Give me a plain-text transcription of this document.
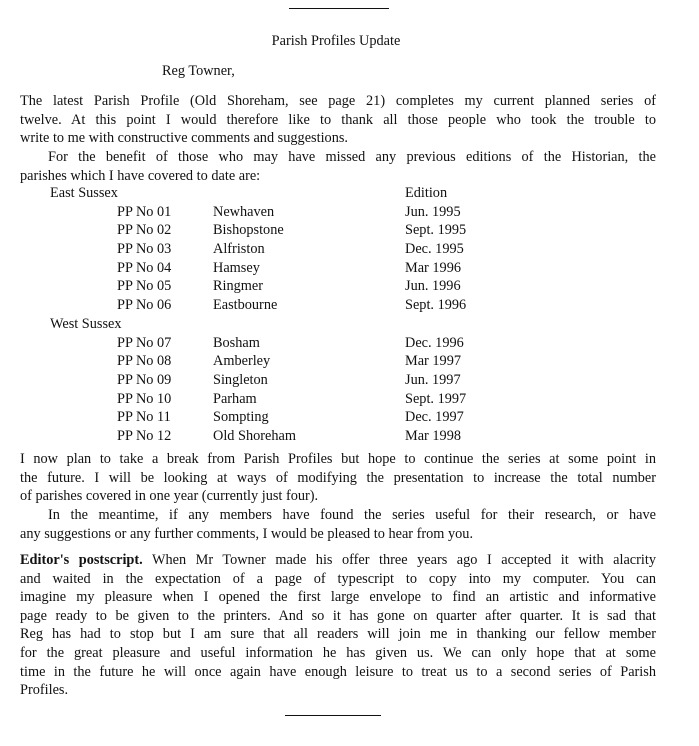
Parish Profiles Update
Reg Towner,
The latest Parish Profile (Old Shoreham, see page 21) completes my current planned series of
twelve. At this point I would therefore like to thank all those people who took the trouble to
write to me with constructive comments and suggestions.
For the benefit of those who may have missed any previous editions of the Historian, the
parishes which I have covered to date are:
East Sussex	Edition
PP No 01	Newhaven	Jun. 1995
PP No 02	Bishopstone	Sept. 1995
PP No 03	Alfriston	Dec. 1995
PP No 04	Hamsey	Mar 1996
PP No 05	Ringmer	Jun. 1996
PP No 06	Eastbourne	Sept. 1996
West Sussex
PP No 07	Bosham	Dec. 1996
PP No 08	Amberley	Mar 1997
PP No 09	Singleton	Jun. 1997
PP No 10	Parham	Sept. 1997
PP No 11	Sompting	Dec. 1997
PP No 12	Old Shoreham	Mar 1998
I now plan to take a break from Parish Profiles but hope to continue the series at some point in
the future. I will be looking at ways of modifying the presentation to increase the total number
of parishes covered in one year (currently just four).
In the meantime, if any members have found the series useful for their research, or have
any suggestions or any further comments, I would be pleased to hear from you.
Editor's postscript. When Mr Towner made his offer three years ago I accepted it with alacrity
and waited in the expectation of a page of typescript to copy into my computer. You can
imagine my pleasure when I opened the first large envelope to find an artistic and informative
page ready to be given to the printers. And so it has gone on quarter after quarter. It is sad that
Reg has had to stop but I am sure that all readers will join me in thanking our fellow member
for the great pleasure and useful information he has given us. We can only hope that at some
time in the future he will once again have enough leisure to treat us to a second series of Parish
Profiles.
